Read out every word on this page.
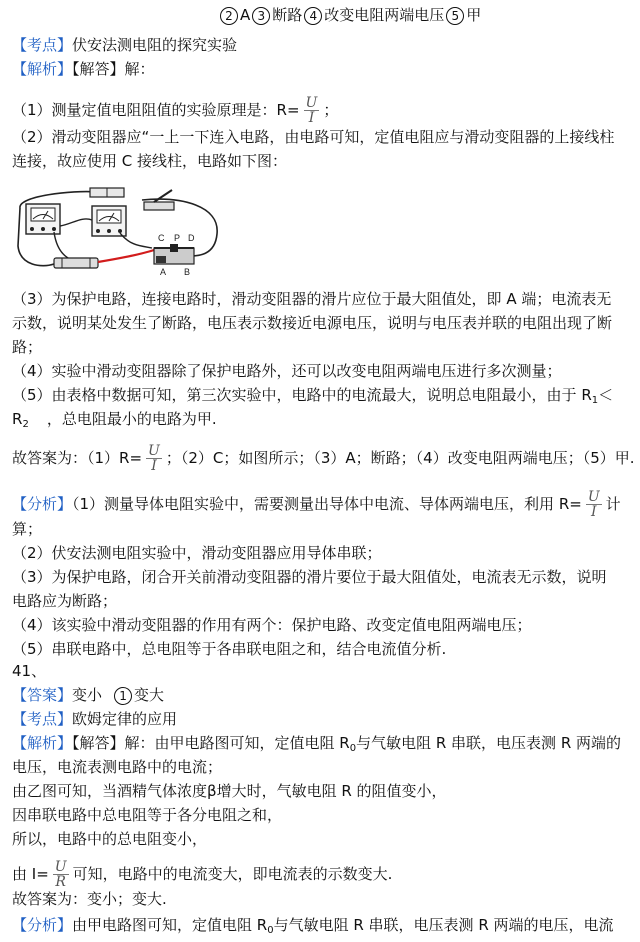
2 A 3 断路 4 改变电阻两端电压 5 甲
【考点】伏安法测电阻的探究实验
【解析】【解答】解：
（1）测量定值电阻阻值的实验原理是：$R= \frac{U}{I}$ ；
（2）滑动变阻器应“一上一下连入电路，由电路可知，定值电阻应与滑动变阻器的上接线柱
连接，故应使用 C 接线柱，电路如下图：
C P D
A B
（3）为保护电路，连接电路时，滑动变阻器的滑片应位于最大阻值处，即 A 端；电流表无
示数，说明某处发生了断路，电压表示数接近电源电压，说明与电压表并联的电阻出现了断
路；
（4）实验中滑动变阻器除了保护电路外，还可以改变电阻两端电压进行多次测量；
（5）由表格中数据可知，第三次实验中，电路中的电流最大，说明总电阻最小，由于 $R_1<$
$R_2$ ，总电阻最小的电路为甲.
故答案为：$(1)R= \frac{U}{I}$ ；（2）C；如图所示；（3）A；断路；（4）改变电阻两端电压；（5）甲.
【分析】（1）测量导体电阻实验中，需要测量出导体中电流、导体两端电压，利用 $R= \frac{U}{I}$ 计
算；
（2）伏安法测电阻实验中，滑动变阻器应用导体串联；
（3）为保护电路，闭合开关前滑动变阻器的滑片要位于最大阻值处，电流表无示数，说明
电路应为断路；
（4）该实验中滑动变阻器的作用有两个：保护电路、改变定值电阻两端电压；
（5）串联电路中，总电阻等于各串联电阻之和，结合电流值分析.
41、
【答案】变小 1 变大
【考点】欧姆定律的应用
【解析】【解答】解：由甲电路图可知，定值电阻 $R_0$与气敏电阻 R 串联，电压表测 R 两端的
电压，电流表测电路中的电流；
由乙图可知，当酒精气体浓度β增大时，气敏电阻 R 的阻值变小，
因串联电路中总电阻等于各分电阻之和，
所以，电路中的总电阻变小，
由 $I= \frac{U}{R}$ 可知，电路中的电流变大，即电流表的示数变大.
故答案为：变小；变大.
【分析】由甲电路图可知，定值电阻 $R_0$与气敏电阻 R 串联，电压表测 R 两端的电压，电流
